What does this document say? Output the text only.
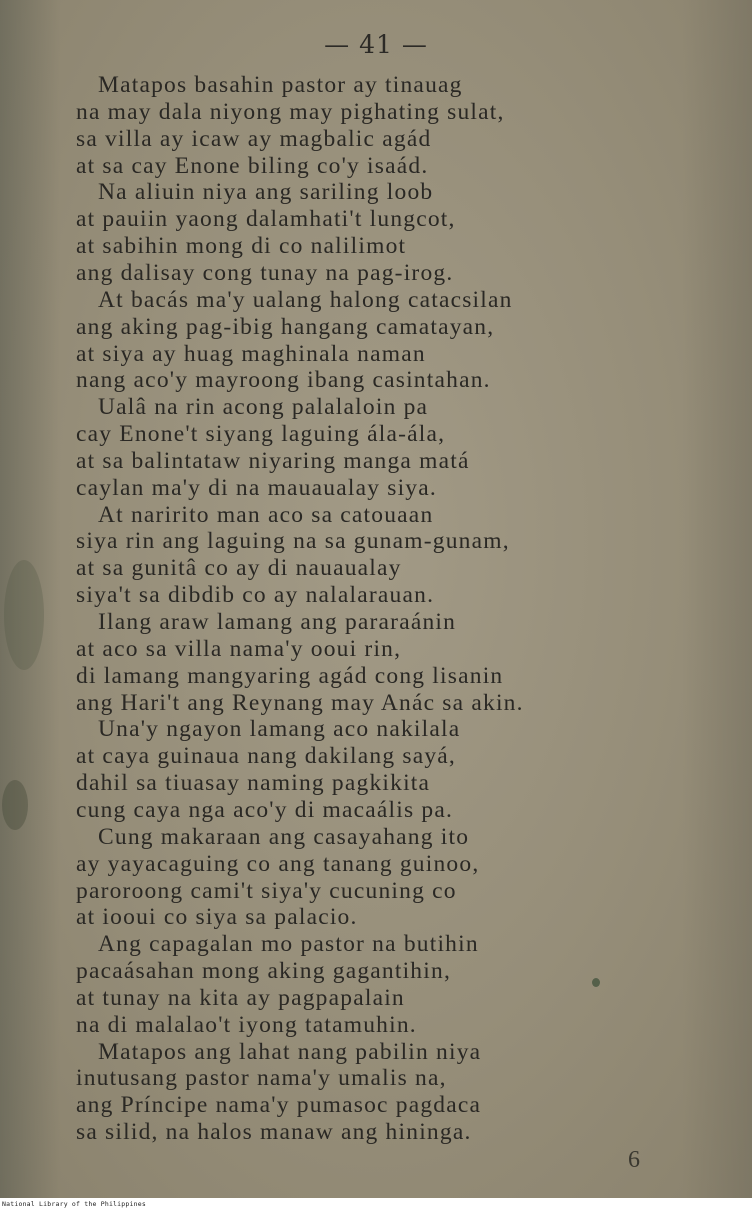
— 41 —
Matapos basahin pastor ay tinauag
na may dala niyong may pighating sulat,
sa villa ay icaw ay magbalic agád
at sa cay Enone biling co'y isaád.
Na aliuin niya ang sariling loob
at pauiin yaong dalamhati't lungcot,
at sabihin mong di co nalilimot
ang dalisay cong tunay na pag-irog.
At bacás ma'y ualang halong catacsilan
ang aking pag-ibig hangang camatayan,
at siya ay huag maghinala naman
nang aco'y mayroong ibang casintahan.
Ualâ na rin acong palalaloin pa
cay Enone't siyang laguing ála-ála,
at sa balintataw niyaring manga matá
caylan ma'y di na mauaualay siya.
At naririto man aco sa catouaan
siya rin ang laguing na sa gunam-gunam,
at sa gunitâ co ay di nauaualay
siya't sa dibdib co ay nalalarauan.
Ilang araw lamang ang pararaánin
at aco sa villa nama'y ooui rin,
di lamang mangyaring agád cong lisanin
ang Hari't ang Reynang may Anác sa akin.
Una'y ngayon lamang aco nakilala
at caya guinaua nang dakilang sayá,
dahil sa tiuasay naming pagkikita
cung caya nga aco'y di macaális pa.
Cung makaraan ang casayahang ito
ay yayacaguing co ang tanang guinoo,
paroroong cami't siya'y cucuning co
at iooui co siya sa palacio.
Ang capagalan mo pastor na butihin
pacaásahan mong aking gagantihin,
at tunay na kita ay pagpapalain
na di malalao't iyong tatamuhin.
Matapos ang lahat nang pabilin niya
inutusang pastor nama'y umalis na,
ang Príncipe nama'y pumasoc pagdaca
sa silid, na halos manaw ang hininga.
6
National Library of the Philippines
